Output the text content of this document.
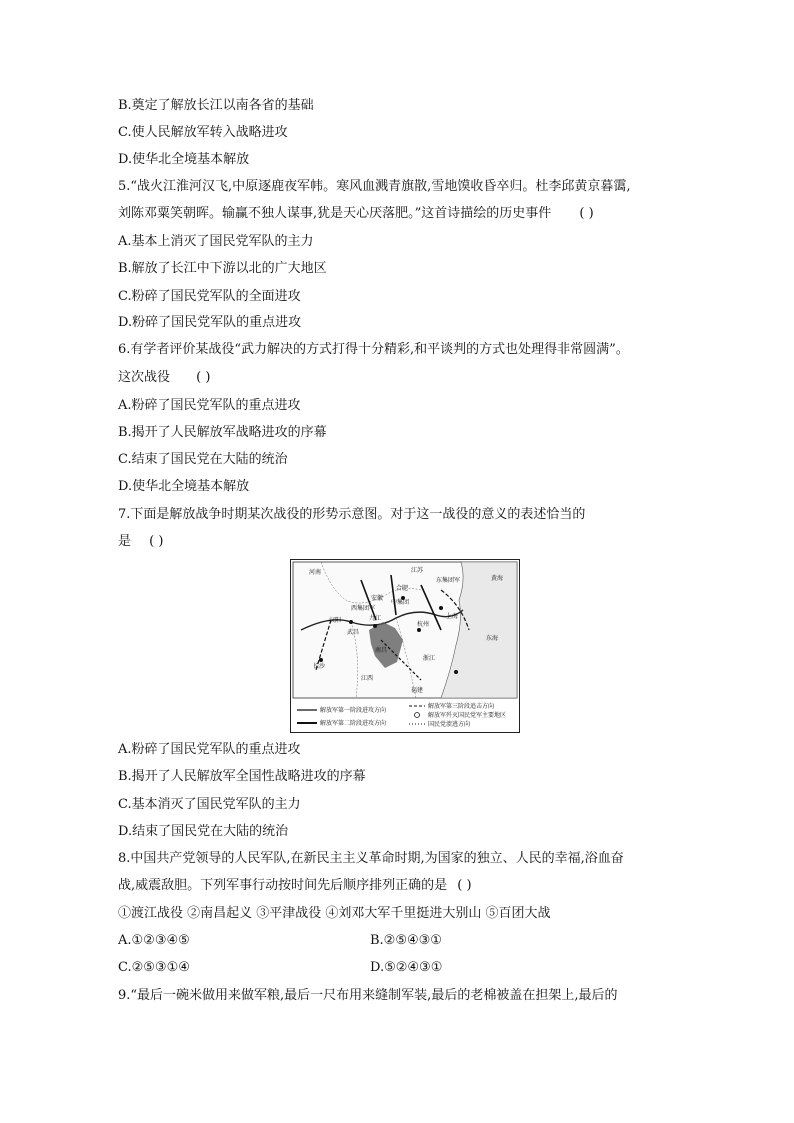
B.奠定了解放长江以南各省的基础
C.使人民解放军转入战略进攻
D.使华北全境基本解放
5.“战火江淮河汉飞,中原逐鹿夜军帏。寒风血溅青旗散,雪地馍收昏卒归。杜李邱黄京暮霭,
刘陈邓粟笑朝晖。输赢不独人谋事,犹是天心厌落肥。”这首诗描绘的历史事件 ( )
A.基本上消灭了国民党军队的主力
B.解放了长江中下游以北的广大地区
C.粉碎了国民党军队的全面进攻
D.粉碎了国民党军队的重点进攻
6.有学者评价某战役“武力解决的方式打得十分精彩,和平谈判的方式也处理得非常圆满”。
这次战役 ( )
A.粉碎了国民党军队的重点进攻
B.揭开了人民解放军战略进攻的序幕
C.结束了国民党在大陆的统治
D.使华北全境基本解放
7.下面是解放战争时期某次战役的形势示意图。对于这一战役的意义的表述恰当的
是 ( )
河南	江苏
合肥
中集团
东集团军
西集团军
汉阳
武昌
九江
杭州
上海
长沙
江西
浙江
福建
南昌
黄海
东海
安徽
解放军第一阶段进攻方向
解放军第二阶段进攻方向
解放军第三阶段追击方向
解放军歼灭国民党军主要地区
国民党溃逃方向
A.粉碎了国民党军队的重点进攻
B.揭开了人民解放军全国性战略进攻的序幕
C.基本消灭了国民党军队的主力
D.结束了国民党在大陆的统治
8.中国共产党领导的人民军队,在新民主主义革命时期,为国家的独立、人民的幸福,浴血奋
战,威震敌胆。下列军事行动按时间先后顺序排列正确的是 ( )
①渡江战役 ②南昌起义 ③平津战役 ④刘邓大军千里挺进大别山 ⑤百团大战
A.①②③④⑤	B.②⑤④③①
C.②⑤③①④	D.⑤②④③①
9.“最后一碗米做用来做军粮,最后一尺布用来缝制军装,最后的老棉被盖在担架上,最后的
